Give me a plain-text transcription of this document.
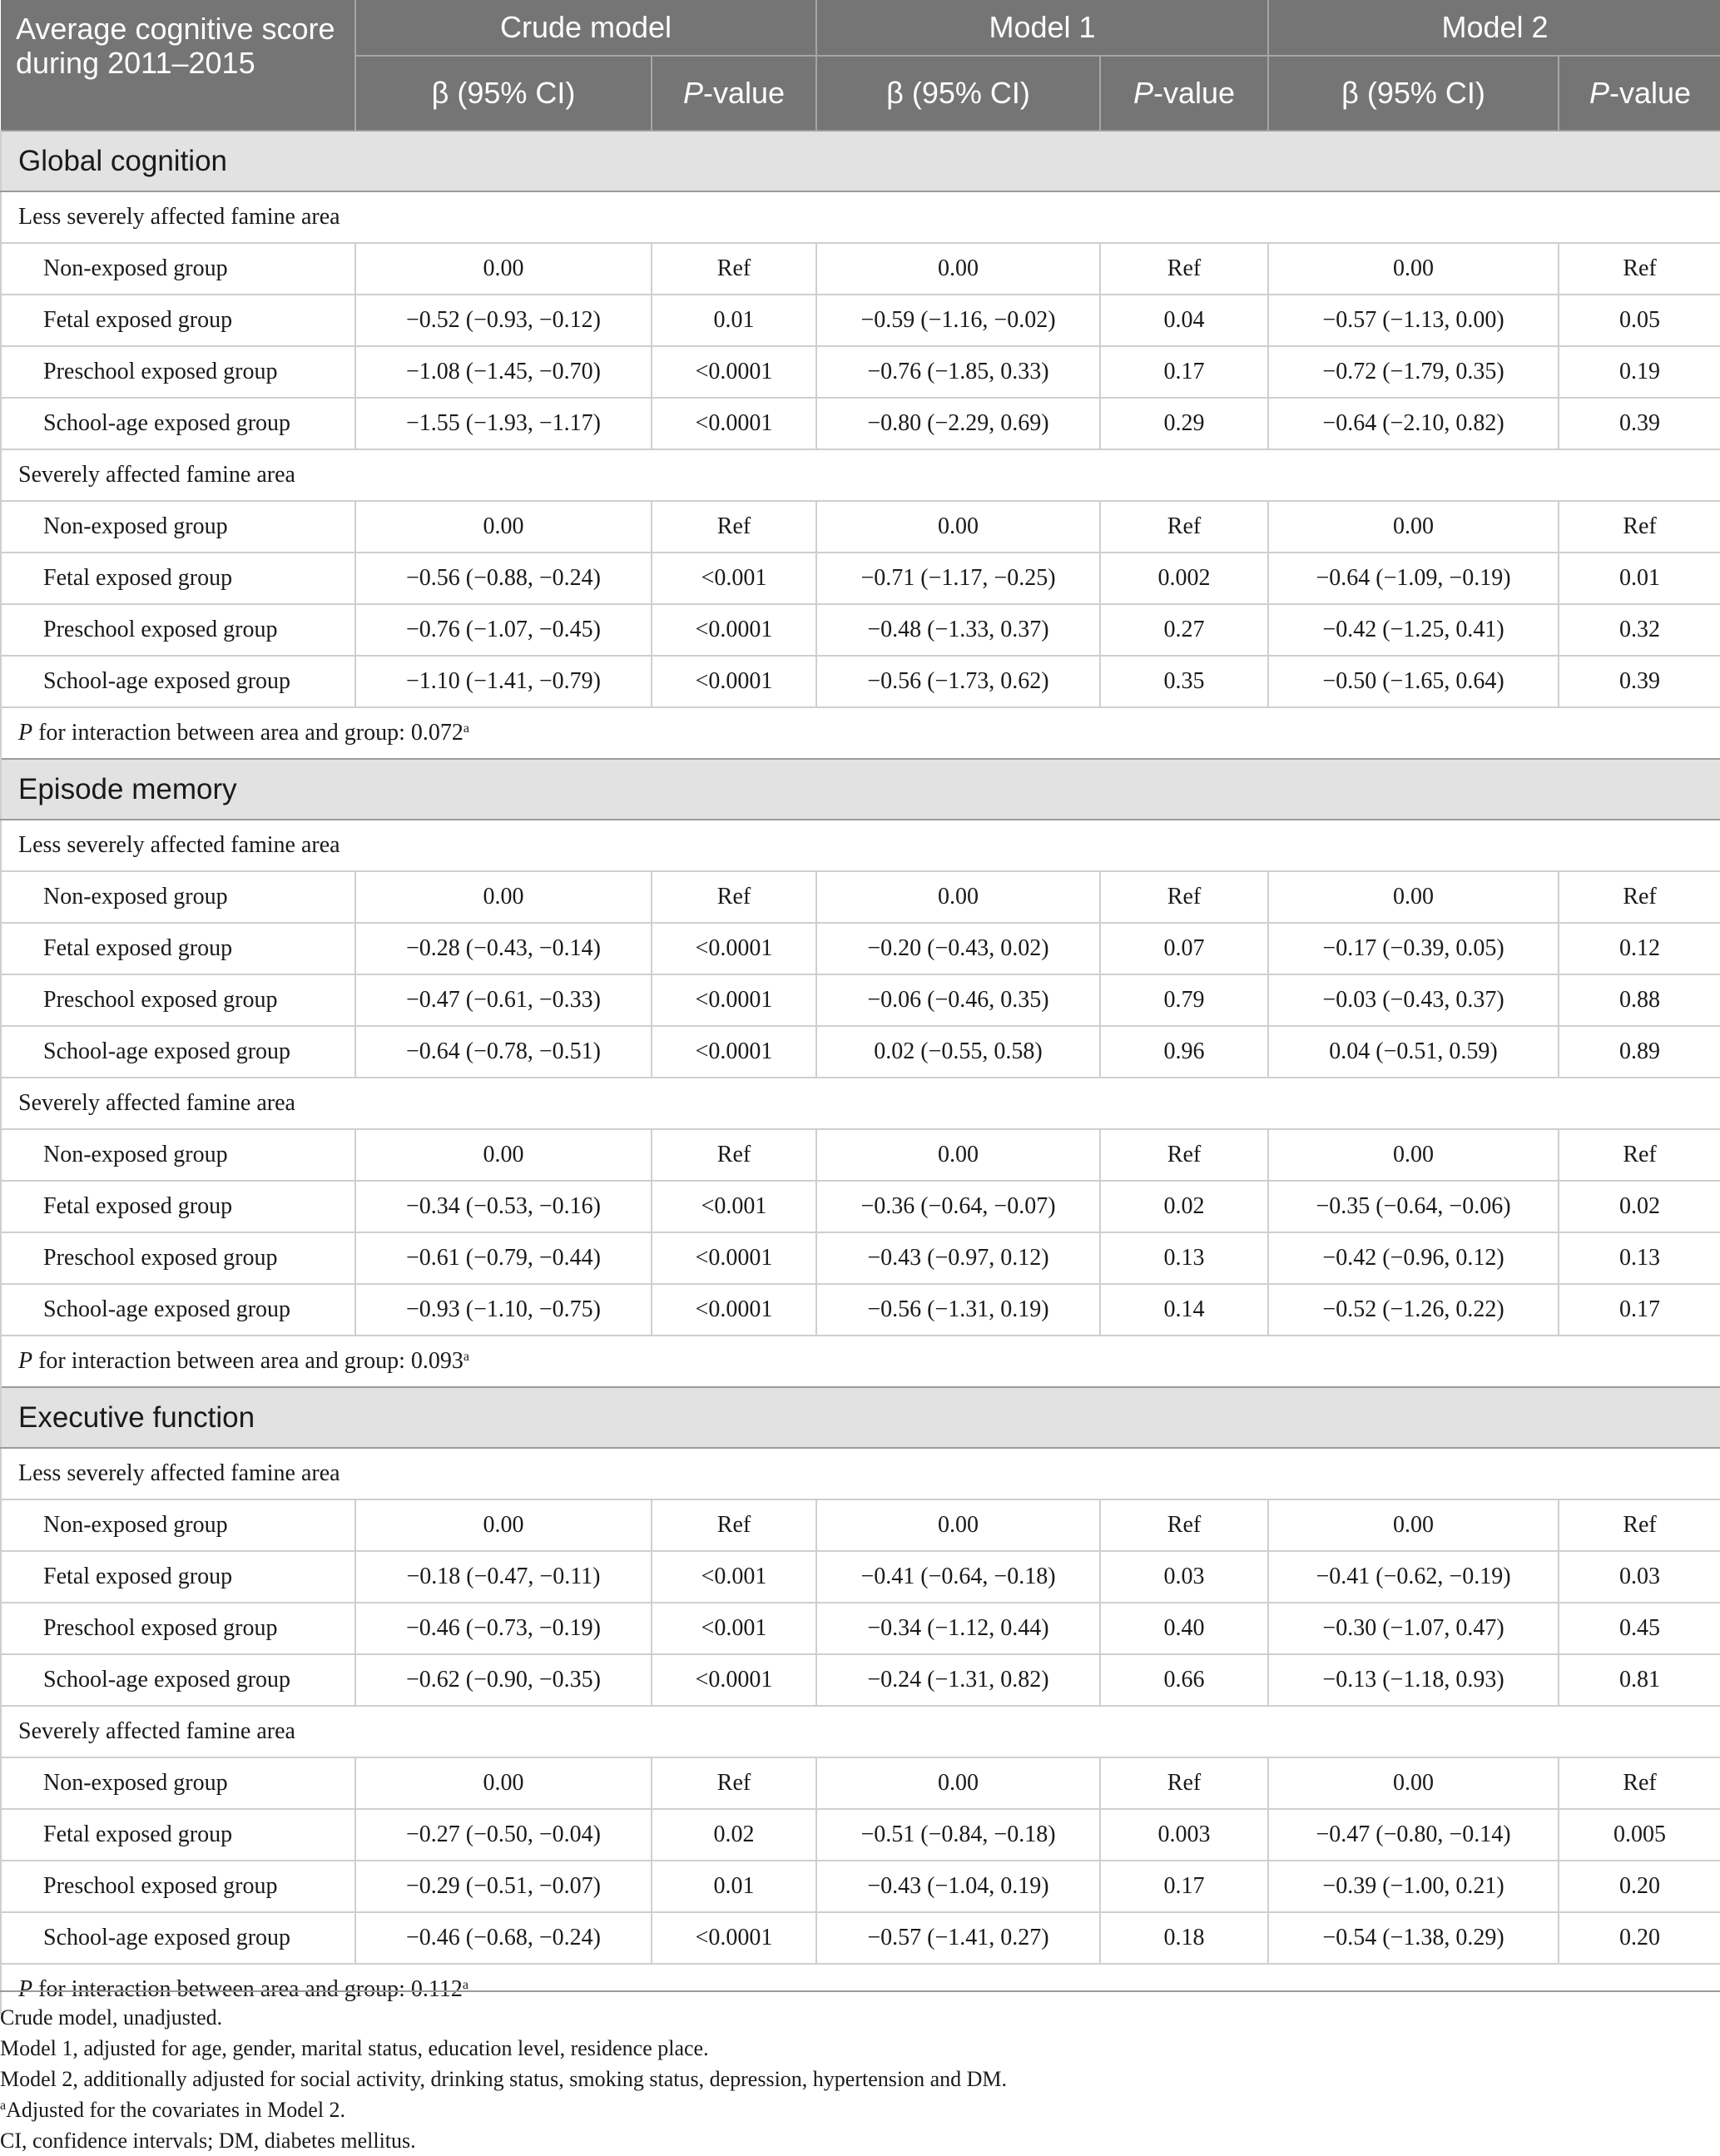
Average cognitive score during 2011–2015	Crude model		Model 1		Model 2	
	β (95% CI)	P-value	β (95% CI)	P-value	β (95% CI)	P-value
Global cognition						
Less severely affected famine area						
Non-exposed group	0.00	Ref	0.00	Ref	0.00	Ref
Fetal exposed group	−0.52 (−0.93, −0.12)	0.01	−0.59 (−1.16, −0.02)	0.04	−0.57 (−1.13, 0.00)	0.05
Preschool exposed group	−1.08 (−1.45, −0.70)	<0.0001	−0.76 (−1.85, 0.33)	0.17	−0.72 (−1.79, 0.35)	0.19
School-age exposed group	−1.55 (−1.93, −1.17)	<0.0001	−0.80 (−2.29, 0.69)	0.29	−0.64 (−2.10, 0.82)	0.39
Severely affected famine area						
Non-exposed group	0.00	Ref	0.00	Ref	0.00	Ref
Fetal exposed group	−0.56 (−0.88, −0.24)	<0.001	−0.71 (−1.17, −0.25)	0.002	−0.64 (−1.09, −0.19)	0.01
Preschool exposed group	−0.76 (−1.07, −0.45)	<0.0001	−0.48 (−1.33, 0.37)	0.27	−0.42 (−1.25, 0.41)	0.32
School-age exposed group	−1.10 (−1.41, −0.79)	<0.0001	−0.56 (−1.73, 0.62)	0.35	−0.50 (−1.65, 0.64)	0.39
P for interaction between area and group: 0.072$^a$
Episode memory						
Less severely affected famine area						
Non-exposed group	0.00	Ref	0.00	Ref	0.00	Ref
Fetal exposed group	−0.28 (−0.43, −0.14)	<0.0001	−0.20 (−0.43, 0.02)	0.07	−0.17 (−0.39, 0.05)	0.12
Preschool exposed group	−0.47 (−0.61, −0.33)	<0.0001	−0.06 (−0.46, 0.35)	0.79	−0.03 (−0.43, 0.37)	0.88
School-age exposed group	−0.64 (−0.78, −0.51)	<0.0001	0.02 (−0.55, 0.58)	0.96	0.04 (−0.51, 0.59)	0.89
Severely affected famine area						
Non-exposed group	0.00	Ref	0.00	Ref	0.00	Ref
Fetal exposed group	−0.34 (−0.53, −0.16)	<0.001	−0.36 (−0.64, −0.07)	0.02	−0.35 (−0.64, −0.06)	0.02
Preschool exposed group	−0.61 (−0.79, −0.44)	<0.0001	−0.43 (−0.97, 0.12)	0.13	−0.42 (−0.96, 0.12)	0.13
School-age exposed group	−0.93 (−1.10, −0.75)	<0.0001	−0.56 (−1.31, 0.19)	0.14	−0.52 (−1.26, 0.22)	0.17
P for interaction between area and group: 0.093$^a$
Executive function						
Less severely affected famine area						
Non-exposed group	0.00	Ref	0.00	Ref	0.00	Ref
Fetal exposed group	−0.18 (−0.47, −0.11)	<0.001	−0.41 (−0.64, −0.18)	0.03	−0.41 (−0.62, −0.19)	0.03
Preschool exposed group	−0.46 (−0.73, −0.19)	<0.001	−0.34 (−1.12, 0.44)	0.40	−0.30 (−1.07, 0.47)	0.45
School-age exposed group	−0.62 (−0.90, −0.35)	<0.0001	−0.24 (−1.31, 0.82)	0.66	−0.13 (−1.18, 0.93)	0.81
Severely affected famine area						
Non-exposed group	0.00	Ref	0.00	Ref	0.00	Ref
Fetal exposed group	−0.27 (−0.50, −0.04)	0.02	−0.51 (−0.84, −0.18)	0.003	−0.47 (−0.80, −0.14)	0.005
Preschool exposed group	−0.29 (−0.51, −0.07)	0.01	−0.43 (−1.04, 0.19)	0.17	−0.39 (−1.00, 0.21)	0.20
School-age exposed group	−0.46 (−0.68, −0.24)	<0.0001	−0.57 (−1.41, 0.27)	0.18	−0.54 (−1.38, 0.29)	0.20
P for interaction between area and group: 0.112$^a$
Crude model, unadjusted.
Model 1, adjusted for age, gender, marital status, education level, residence place.
Model 2, additionally adjusted for social activity, drinking status, smoking status, depression, hypertension and DM.
$^a$Adjusted for the covariates in Model 2.
CI, confidence intervals; DM, diabetes mellitus.
